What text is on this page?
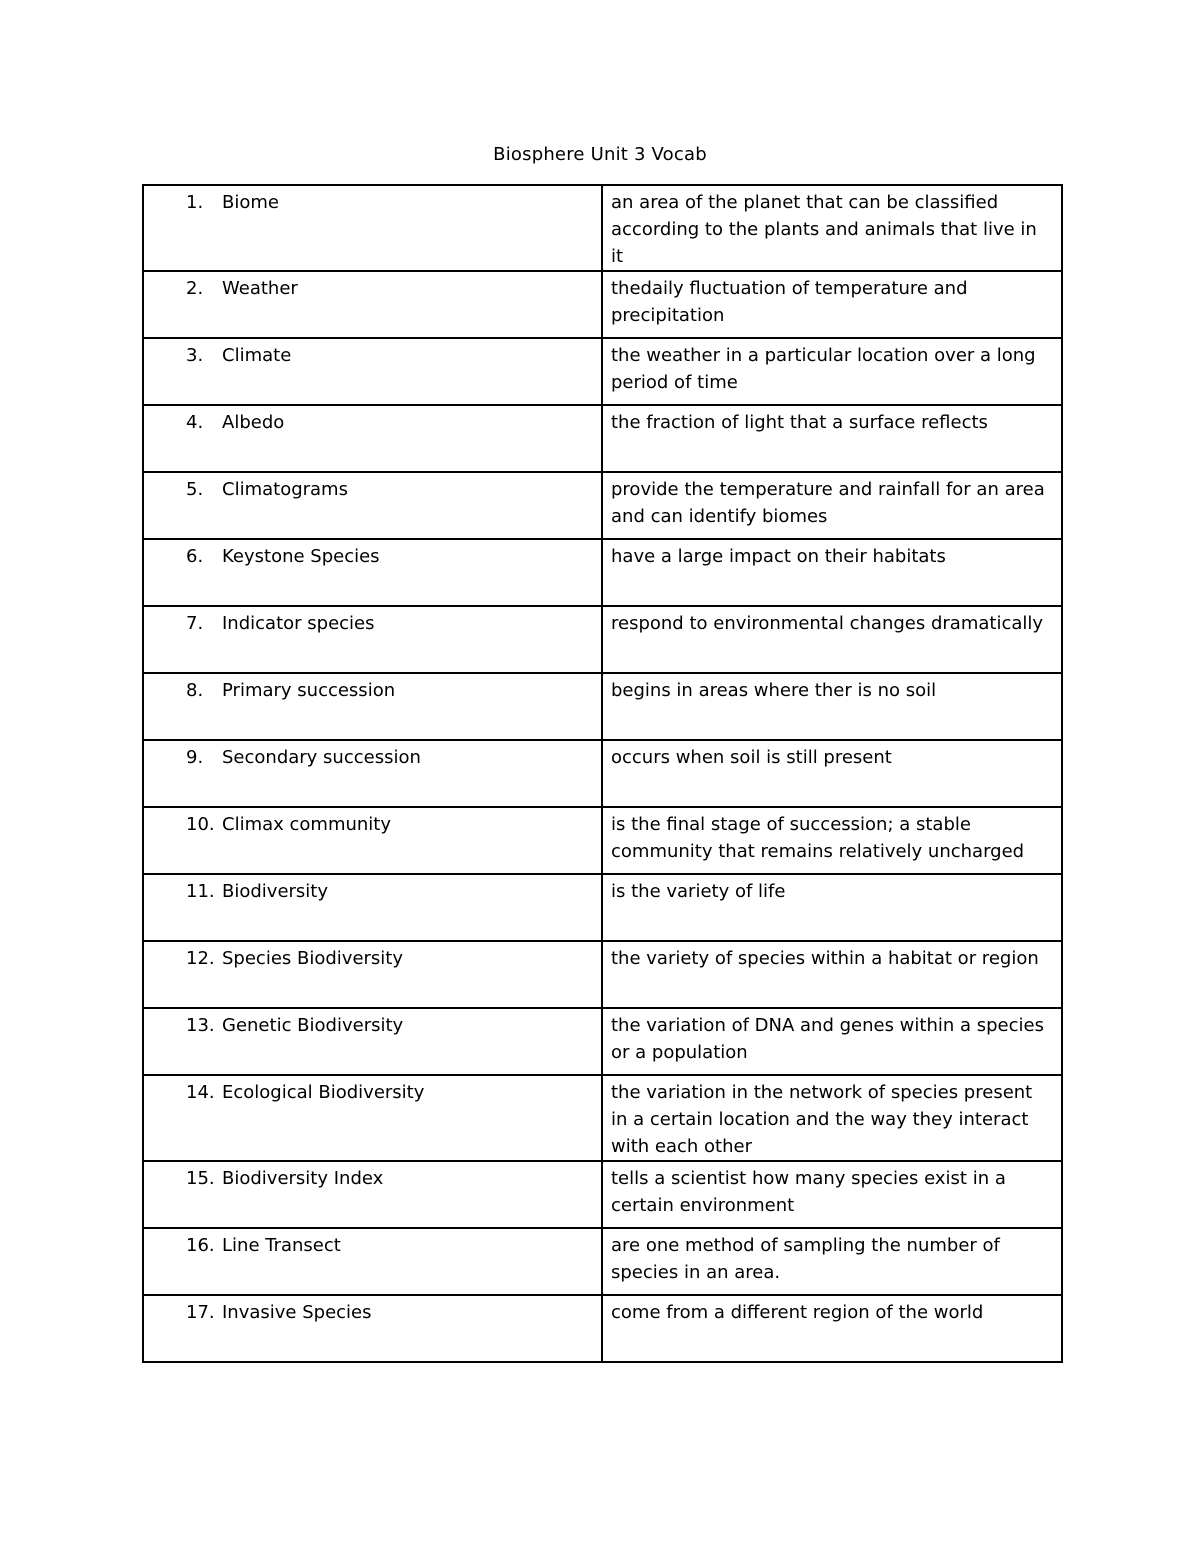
Biosphere Unit 3 Vocab
1. Biome	an area of the planet that can be classified according to the plants and animals that live in it
2. Weather	thedaily fluctuation of temperature and precipitation
3. Climate	the weather in a particular location over a long period of time
4. Albedo	the fraction of light that a surface reflects
5. Climatograms	provide the temperature and rainfall for an area and can identify biomes
6. Keystone Species	have a large impact on their habitats
7. Indicator species	respond to environmental changes dramatically
8. Primary succession	begins in areas where ther is no soil
9. Secondary succession	occurs when soil is still present
10. Climax community	is the final stage of succession; a stable community that remains relatively uncharged
11. Biodiversity	is the variety of life
12. Species Biodiversity	the variety of species within a habitat or region
13. Genetic Biodiversity	the variation of DNA and genes within a species or a population
14. Ecological Biodiversity	the variation in the network of species present in a certain location and the way they interact with each other
15. Biodiversity Index	tells a scientist how many species exist in a certain environment
16. Line Transect	are one method of sampling the number of species in an area.
17. Invasive Species	come from a different region of the world
